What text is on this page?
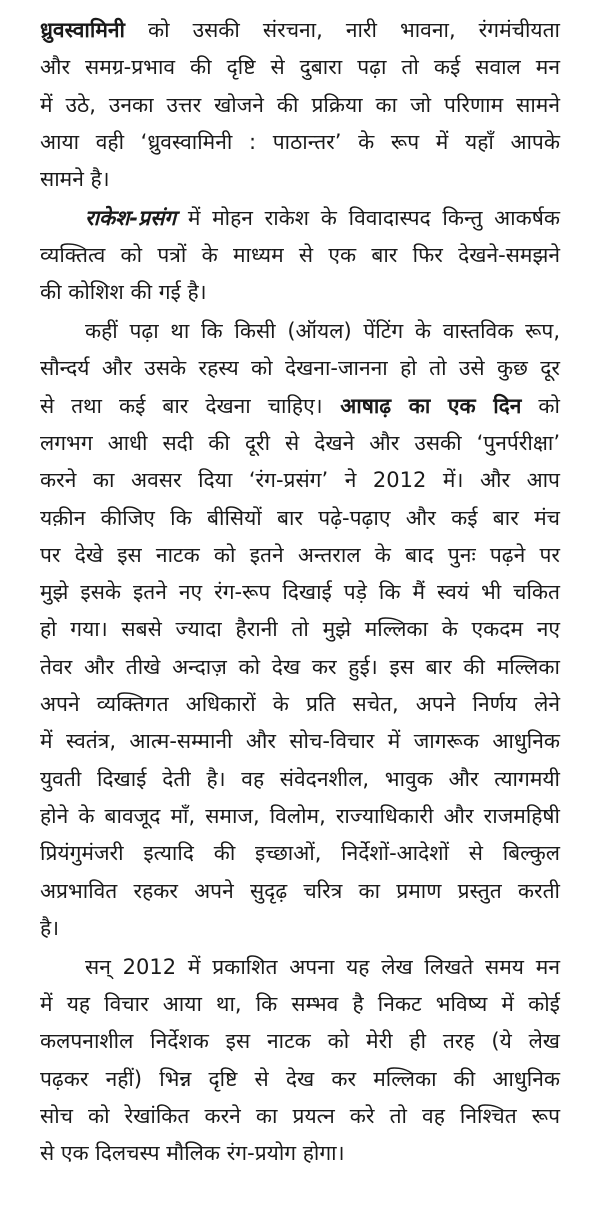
ध्रुवस्वामिनी को उसकी संरचना, नारी भावना, रंगमंचीयता
और समग्र-प्रभाव की दृष्टि से दुबारा पढ़ा तो कई सवाल मन
में उठे, उनका उत्तर खोजने की प्रक्रिया का जो परिणाम सामने
आया वही ‘ध्रुवस्वामिनी : पाठान्तर’ के रूप में यहाँ आपके
सामने है।
राकेश-प्रसंग में मोहन राकेश के विवादास्पद किन्तु आकर्षक
व्यक्तित्व को पत्रों के माध्यम से एक बार फिर देखने-समझने
की कोशिश की गई है।
कहीं पढ़ा था कि किसी (ऑयल) पेंटिंग के वास्तविक रूप,
सौन्दर्य और उसके रहस्य को देखना-जानना हो तो उसे कुछ दूर
से तथा कई बार देखना चाहिए। आषाढ़ का एक दिन को
लगभग आधी सदी की दूरी से देखने और उसकी ‘पुनर्परीक्षा’
करने का अवसर दिया ‘रंग-प्रसंग’ ने 2012 में। और आप
यक़ीन कीजिए कि बीसियों बार पढ़े-पढ़ाए और कई बार मंच
पर देखे इस नाटक को इतने अन्तराल के बाद पुनः पढ़ने पर
मुझे इसके इतने नए रंग-रूप दिखाई पड़े कि मैं स्वयं भी चकित
हो गया। सबसे ज्यादा हैरानी तो मुझे मल्लिका के एकदम नए
तेवर और तीखे अन्दाज़ को देख कर हुई। इस बार की मल्लिका
अपने व्यक्तिगत अधिकारों के प्रति सचेत, अपने निर्णय लेने
में स्वतंत्र, आत्म-सम्मानी और सोच-विचार में जागरूक आधुनिक
युवती दिखाई देती है। वह संवेदनशील, भावुक और त्यागमयी
होने के बावजूद माँ, समाज, विलोम, राज्याधिकारी और राजमहिषी
प्रियंगुमंजरी इत्यादि की इच्छाओं, निर्देशों-आदेशों से बिल्कुल
अप्रभावित रहकर अपने सुदृढ़ चरित्र का प्रमाण प्रस्तुत करती
है।
सन् 2012 में प्रकाशित अपना यह लेख लिखते समय मन
में यह विचार आया था, कि सम्भव है निकट भविष्य में कोई
कलपनाशील निर्देशक इस नाटक को मेरी ही तरह (ये लेख
पढ़कर नहीं) भिन्न दृष्टि से देख कर मल्लिका की आधुनिक
सोच को रेखांकित करने का प्रयत्न करे तो वह निश्चित रूप
से एक दिलचस्प मौलिक रंग-प्रयोग होगा।
